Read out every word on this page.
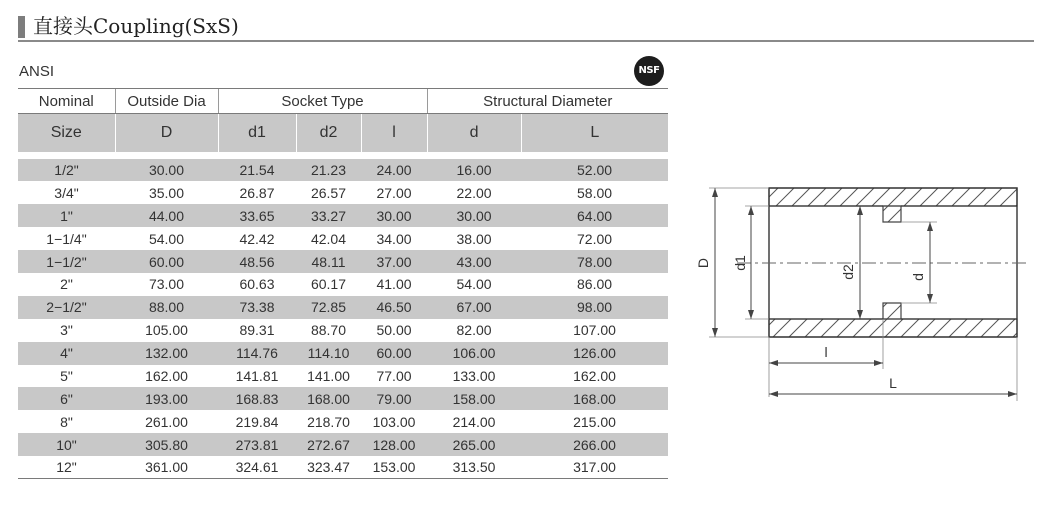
直接头Coupling(SxS)
ANSI	NSF
Nominal	Outside Dia	Socket Type			Structural Diameter	
Size	D	d1	d2	l	d	L

1/2"	30.00	21.54	21.23	24.00	16.00	52.00
3/4"	35.00	26.87	26.57	27.00	22.00	58.00
1"	44.00	33.65	33.27	30.00	30.00	64.00
1−1/4"	54.00	42.42	42.04	34.00	38.00	72.00
1−1/2"	60.00	48.56	48.11	37.00	43.00	78.00
2"	73.00	60.63	60.17	41.00	54.00	86.00
2−1/2"	88.00	73.38	72.85	46.50	67.00	98.00
3"	105.00	89.31	88.70	50.00	82.00	107.00
4"	132.00	114.76	114.10	60.00	106.00	126.00
5"	162.00	141.81	141.00	77.00	133.00	162.00
6"	193.00	168.83	168.00	79.00	158.00	168.00
8"	261.00	219.84	218.70	103.00	214.00	215.00
10"	305.80	273.81	272.67	128.00	265.00	266.00
12"	361.00	324.61	323.47	153.00	313.50	317.00
D d1
d2	d
l
L
